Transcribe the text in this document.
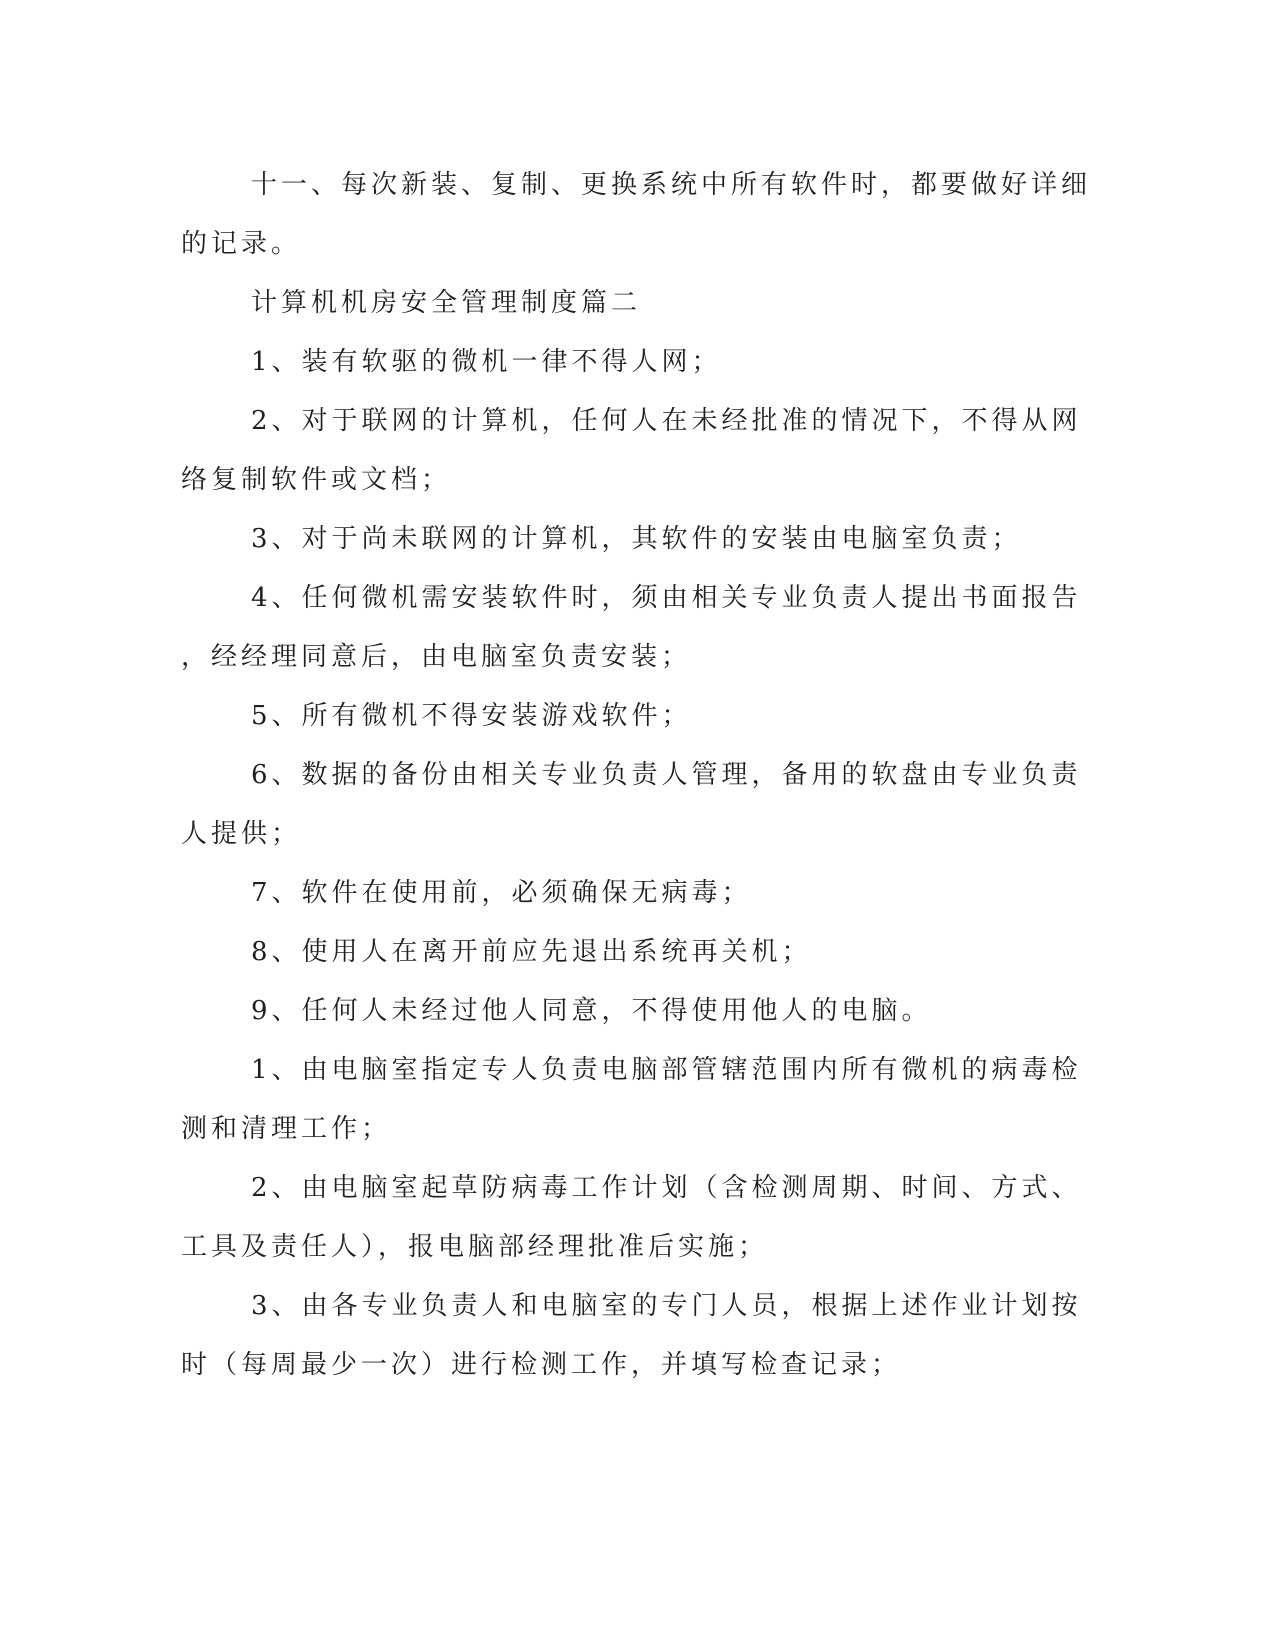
十一、每次新装、复制、更换系统中所有软件时，都要做好详细
的记录。
计算机机房安全管理制度篇二
1、装有软驱的微机一律不得人网；
2、对于联网的计算机，任何人在未经批准的情况下，不得从网
络复制软件或文档；
3、对于尚未联网的计算机，其软件的安装由电脑室负责；
4、任何微机需安装软件时，须由相关专业负责人提出书面报告
，经经理同意后，由电脑室负责安装；
5、所有微机不得安装游戏软件；
6、数据的备份由相关专业负责人管理，备用的软盘由专业负责
人提供；
7、软件在使用前，必须确保无病毒；
8、使用人在离开前应先退出系统再关机；
9、任何人未经过他人同意，不得使用他人的电脑。
1、由电脑室指定专人负责电脑部管辖范围内所有微机的病毒检
测和清理工作；
2、由电脑室起草防病毒工作计划（含检测周期、时间、方式、
工具及责任人），报电脑部经理批准后实施；
3、由各专业负责人和电脑室的专门人员，根据上述作业计划按
时（每周最少一次）进行检测工作，并填写检查记录；
